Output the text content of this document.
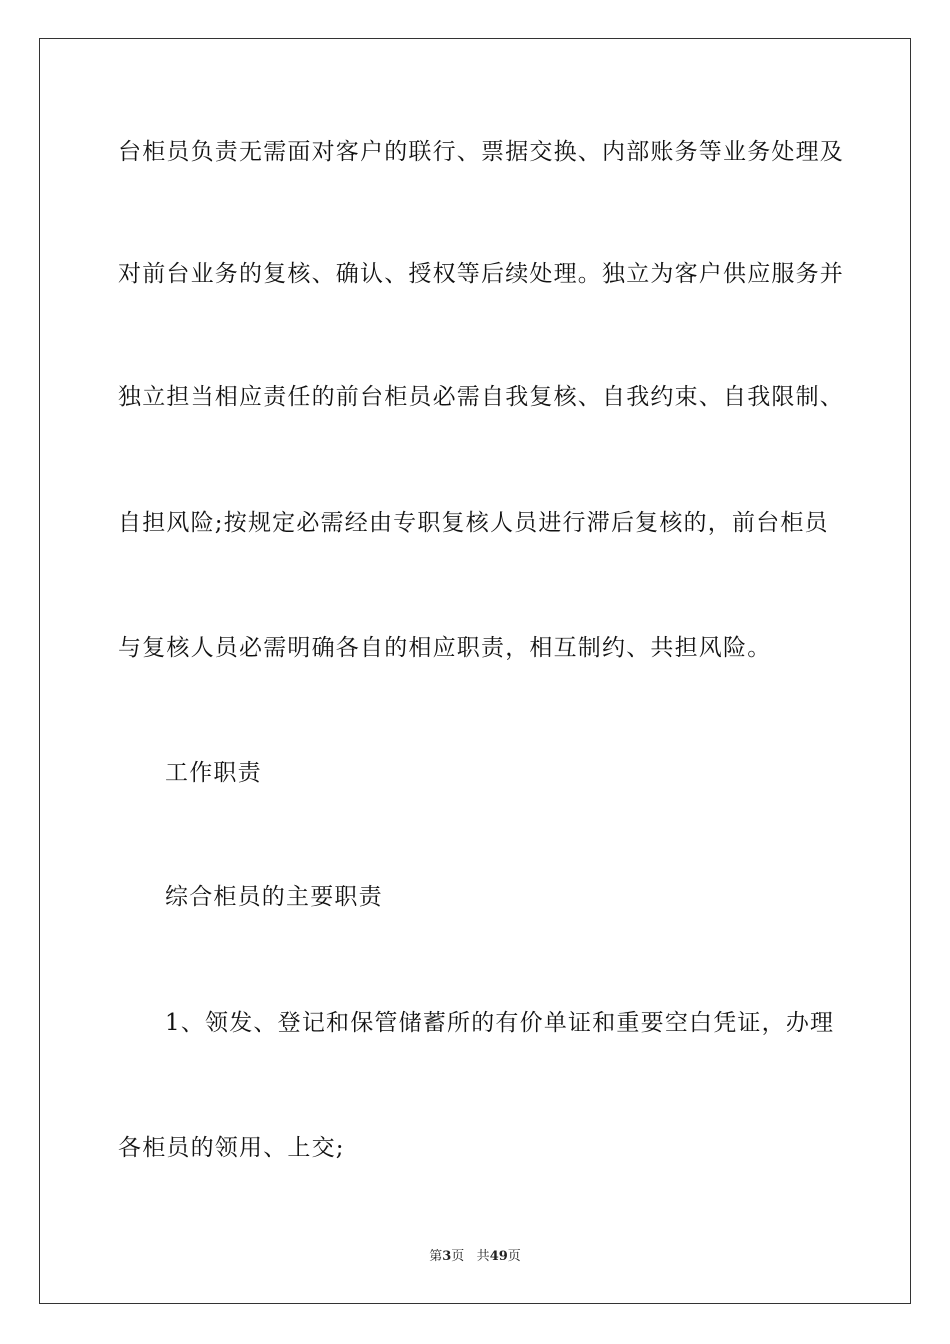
台柜员负责无需面对客户的联行、票据交换、内部账务等业务处理及
对前台业务的复核、确认、授权等后续处理。独立为客户供应服务并
独立担当相应责任的前台柜员必需自我复核、自我约束、自我限制、
自担风险;按规定必需经由专职复核人员进行滞后复核的，前台柜员
与复核人员必需明确各自的相应职责，相互制约、共担风险。
工作职责
综合柜员的主要职责
1、领发、登记和保管储蓄所的有价单证和重要空白凭证，办理
各柜员的领用、上交;
第3页 共49页
